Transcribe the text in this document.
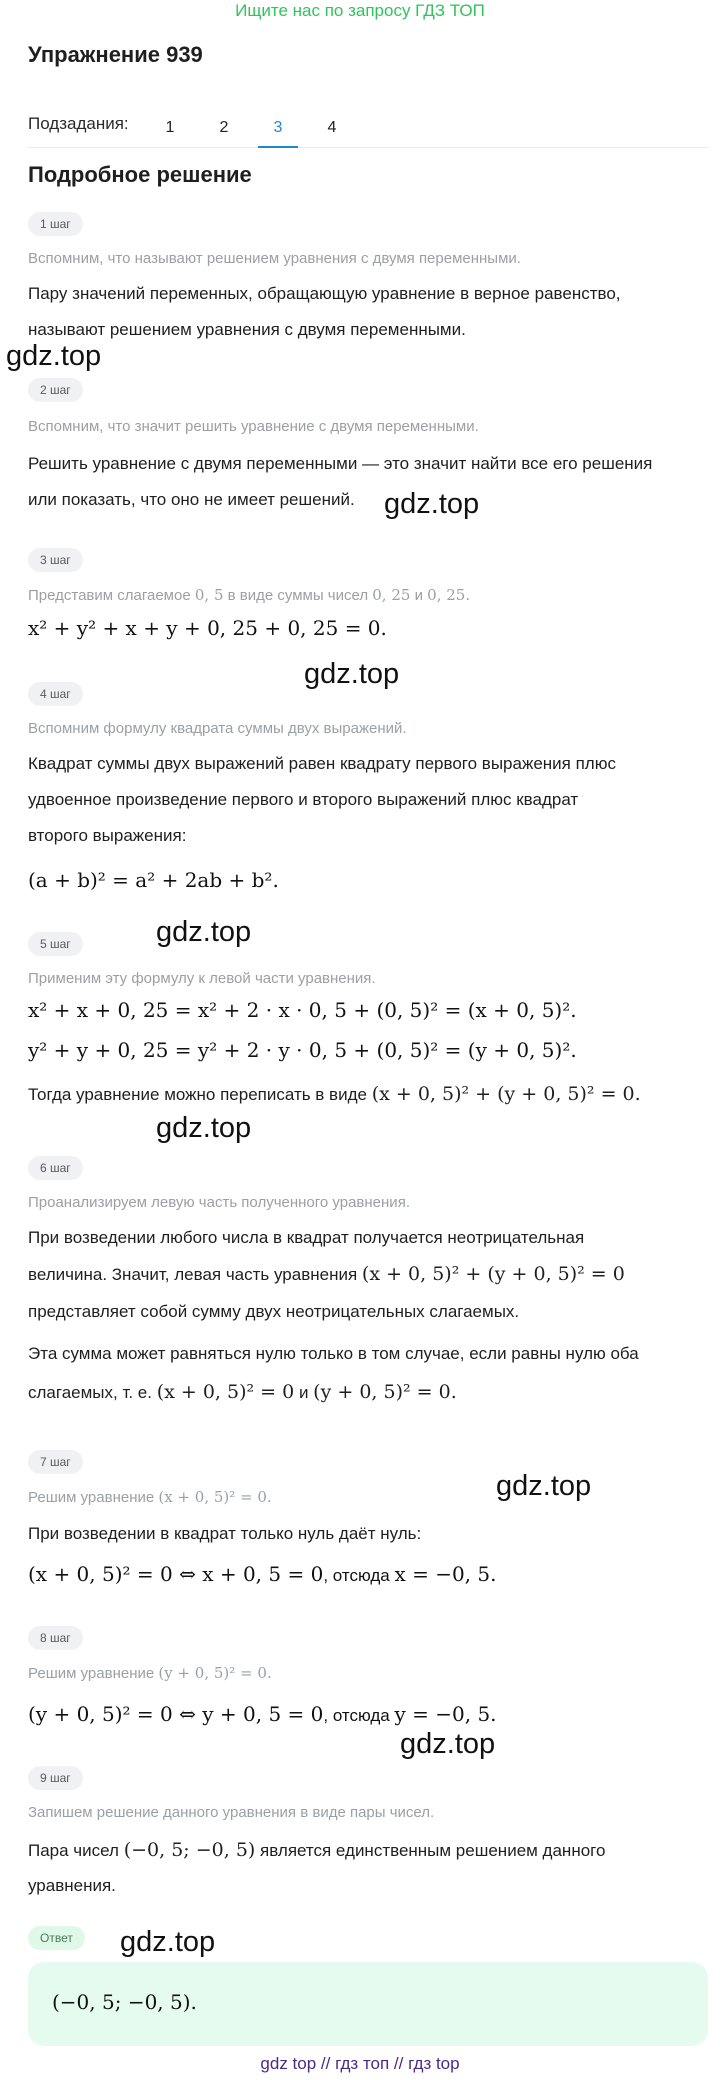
Ищите нас по запросу ГДЗ ТОП
Упражнение 939
Подзадания:	1	2	3	4
Подробное решение
1 шаг
Вспомним, что называют решением уравнения с двумя переменными.
Пару значений переменных, обращающую уравнение в верное равенство,
называют решением уравнения с двумя переменными.
2 шаг
Вспомним, что значит решить уравнение с двумя переменными.
Решить уравнение с двумя переменными — это значит найти все его решения
или показать, что оно не имеет решений.
3 шаг
Представим слагаемое 0, 5 в виде суммы чисел 0, 25 и 0, 25.
x² + y² + x + y + 0, 25 + 0, 25 = 0.
4 шаг
Вспомним формулу квадрата суммы двух выражений.
Квадрат суммы двух выражений равен квадрату первого выражения плюс
удвоенное произведение первого и второго выражений плюс квадрат
второго выражения:
(a + b)² = a² + 2ab + b².
5 шаг
Применим эту формулу к левой части уравнения.
x² + x + 0, 25 = x² + 2 · x · 0, 5 + (0, 5)² = (x + 0, 5)².
y² + y + 0, 25 = y² + 2 · y · 0, 5 + (0, 5)² = (y + 0, 5)².
Тогда уравнение можно переписать в виде (x + 0, 5)² + (y + 0, 5)² = 0.
6 шаг
Проанализируем левую часть полученного уравнения.
При возведении любого числа в квадрат получается неотрицательная
величина. Значит, левая часть уравнения (x + 0, 5)² + (y + 0, 5)² = 0
представляет собой сумму двух неотрицательных слагаемых.
Эта сумма может равняться нулю только в том случае, если равны нулю оба
слагаемых, т. е. (x + 0, 5)² = 0 и (y + 0, 5)² = 0.
7 шаг
Решим уравнение (x + 0, 5)² = 0.
При возведении в квадрат только нуль даёт нуль:
(x + 0, 5)² = 0 ⇔ x + 0, 5 = 0, отсюда x = −0, 5.
8 шаг
Решим уравнение (y + 0, 5)² = 0.
(y + 0, 5)² = 0 ⇔ y + 0, 5 = 0, отсюда y = −0, 5.
9 шаг
Запишем решение данного уравнения в виде пары чисел.
Пара чисел (−0, 5; −0, 5) является единственным решением данного
уравнения.
Ответ
(−0, 5; −0, 5).
gdz.top
gdz.top
gdz.top
gdz.top
gdz.top
gdz.top
gdz.top
gdz.top
gdz top // гдз топ // гдз top
